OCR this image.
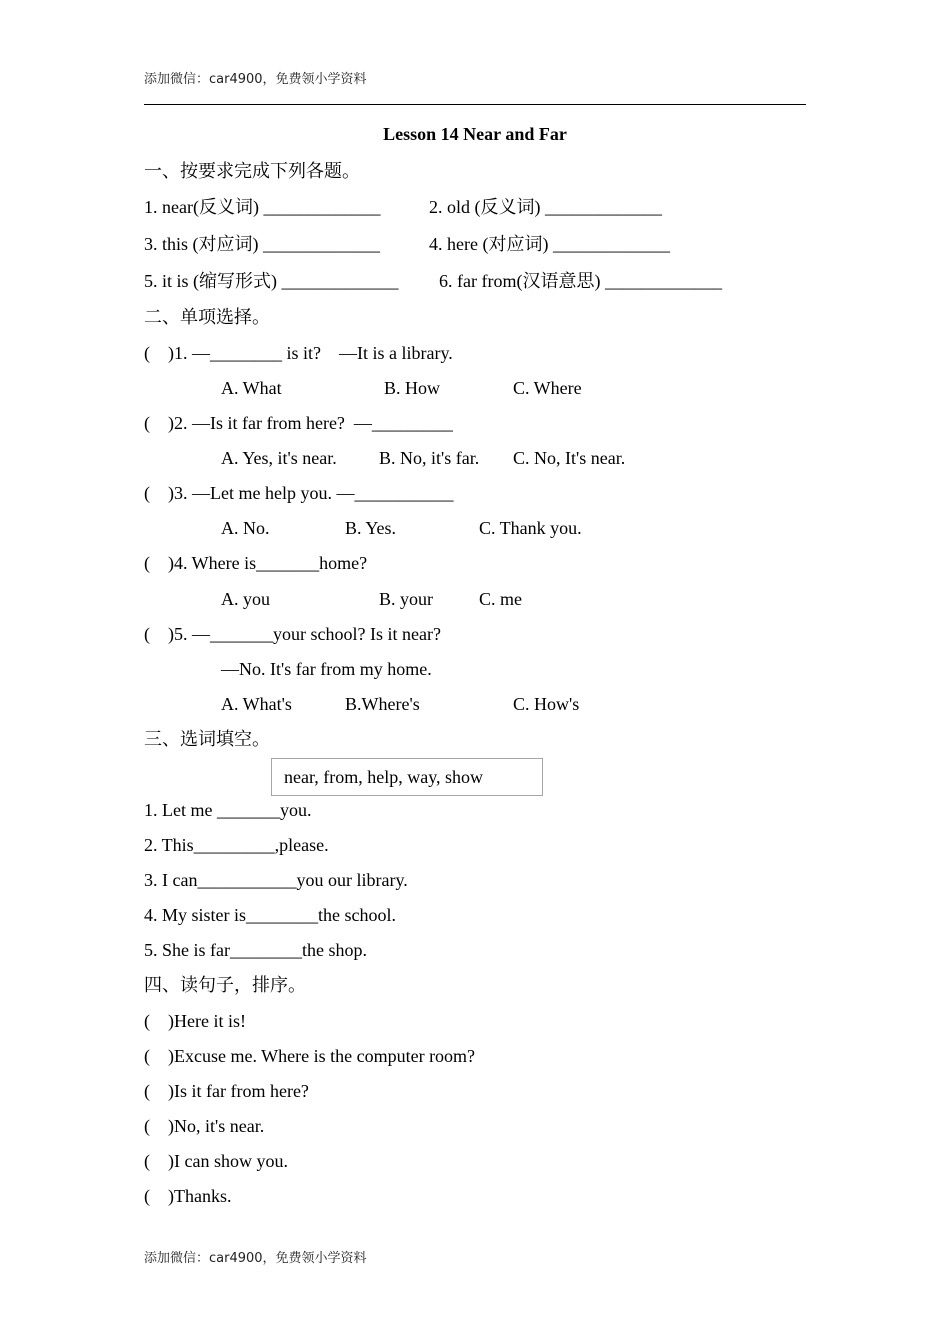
添加微信：car4900，免费领小学资料
Lesson 14 Near and Far
一、按要求完成下列各题。
1. near(反义词) _____________	2. old (反义词) _____________
3. this (对应词) _____________	4. here (对应词) _____________
5. it is (缩写形式) _____________ 6. far from(汉语意思) _____________
二、单项选择。
(    )1. —________ is it?    —It is a library.
A. What	B. How	C. Where
(    )2. —Is it far from here?  —_________
A. Yes, it's near. B. No, it's far. C. No, It's near.
(    )3. —Let me help you. —___________
A. No.	B. Yes.	C. Thank you.
(    )4. Where is_______home?
A. you	B. your	C. me
(    )5. —_______your school? Is it near?
—No. It's far from my home.
A. What's	B.Where's	C. How's
三、选词填空。
near, from, help, way, show
1. Let me _______you.
2. This_________,please.
3. I can___________you our library.
4. My sister is________the school.
5. She is far________the shop.
四、读句子，排序。
(    )Here it is!
(    )Excuse me. Where is the computer room?
(    )Is it far from here?
(    )No, it's near.
(    )I can show you.
(    )Thanks.
添加微信：car4900，免费领小学资料
